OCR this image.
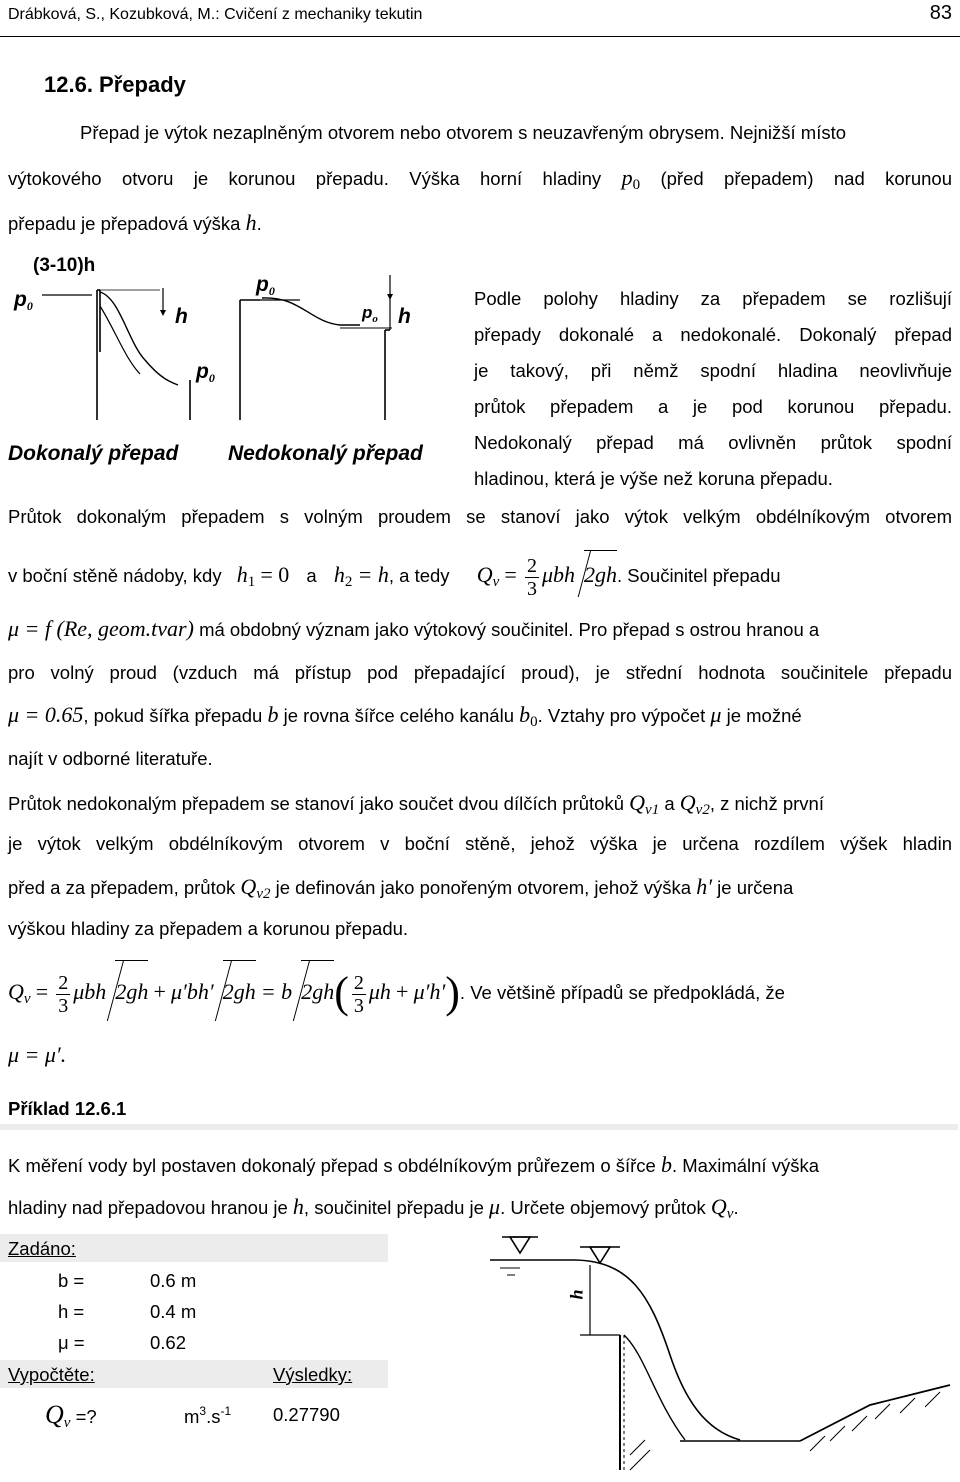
Drábková, S., Kozubková, M.: Cvičení z mechaniky tekutin	83
12.6. Přepady
Přepad je výtok nezaplněným otvorem nebo otvorem s neuzavřeným obrysem. Nejnižší místo
výtokového otvoru je korunou přepadu. Výška horní hladiny $p_0$ (před přepadem) nad korunou
přepadu je přepadová výška h.
(3-10)h
$p_0$	h
$p_0$
$p_0$
$p_o$ h
Dokonalý přepad Nedokonalý přepad
Podle polohy hladiny za přepadem se rozlišují
přepady dokonalé a nedokonalé. Dokonalý přepad
je takový, při němž spodní hladina neovlivňuje
průtok přepadem a je pod korunou přepadu.
Nedokonalý přepad má ovlivněn průtok spodní
hladinou, která je výše než koruna přepadu.
Průtok dokonalým přepadem s volným proudem se stanoví jako výtok velkým obdélníkovým otvorem
v boční stěně nádoby, kdy $h_1 = 0$ a $h_2 = h$, a tedy $Q_v = \frac{2}{3}$ μbh 2gh. Součinitel přepadu
μ = f (Re, geom.tvar) má obdobný význam jako výtokový součinitel. Pro přepad s ostrou hranou a
pro volný proud (vzduch má přístup pod přepadající proud), je střední hodnota součinitele přepadu
μ = 0.65, pokud šířka přepadu b je rovna šířce celého kanálu $b_0$. Vztahy pro výpočet μ je možné
najít v odborné literatuře.
Průtok nedokonalým přepadem se stanoví jako součet dvou dílčích průtoků $Q_{v1}$ a $Q_{v2}$, z nichž první
je výtok velkým obdélníkovým otvorem v boční stěně, jehož výška je určena rozdílem výšek hladin
před a za přepadem, průtok $Q_{v2}$ je definován jako ponořeným otvorem, jehož výška h′ je určena
výškou hladiny za přepadem a korunou přepadu.
$Q_v = \frac{2}{3}$ μbh 2gh + μ′bh′ 2gh = b $2gh( \frac{2}{3}$ μh + μ′h′). Ve většině případů se předpokládá, že
μ = μ′.
Příklad 12.6.1
K měření vody byl postaven dokonalý přepad s obdélníkovým průřezem o šířce b. Maximální výška
hladiny nad přepadovou hranou je h, součinitel přepadu je μ. Určete objemový průtok $Q_v$.
Zadáno:
b =	0.6 m
h =	0.4 m
μ =	0.62
Vypočtěte:	Výsledky:
$Q_v$ =?	$m^3.s^{-1}$ 0.27790
h
